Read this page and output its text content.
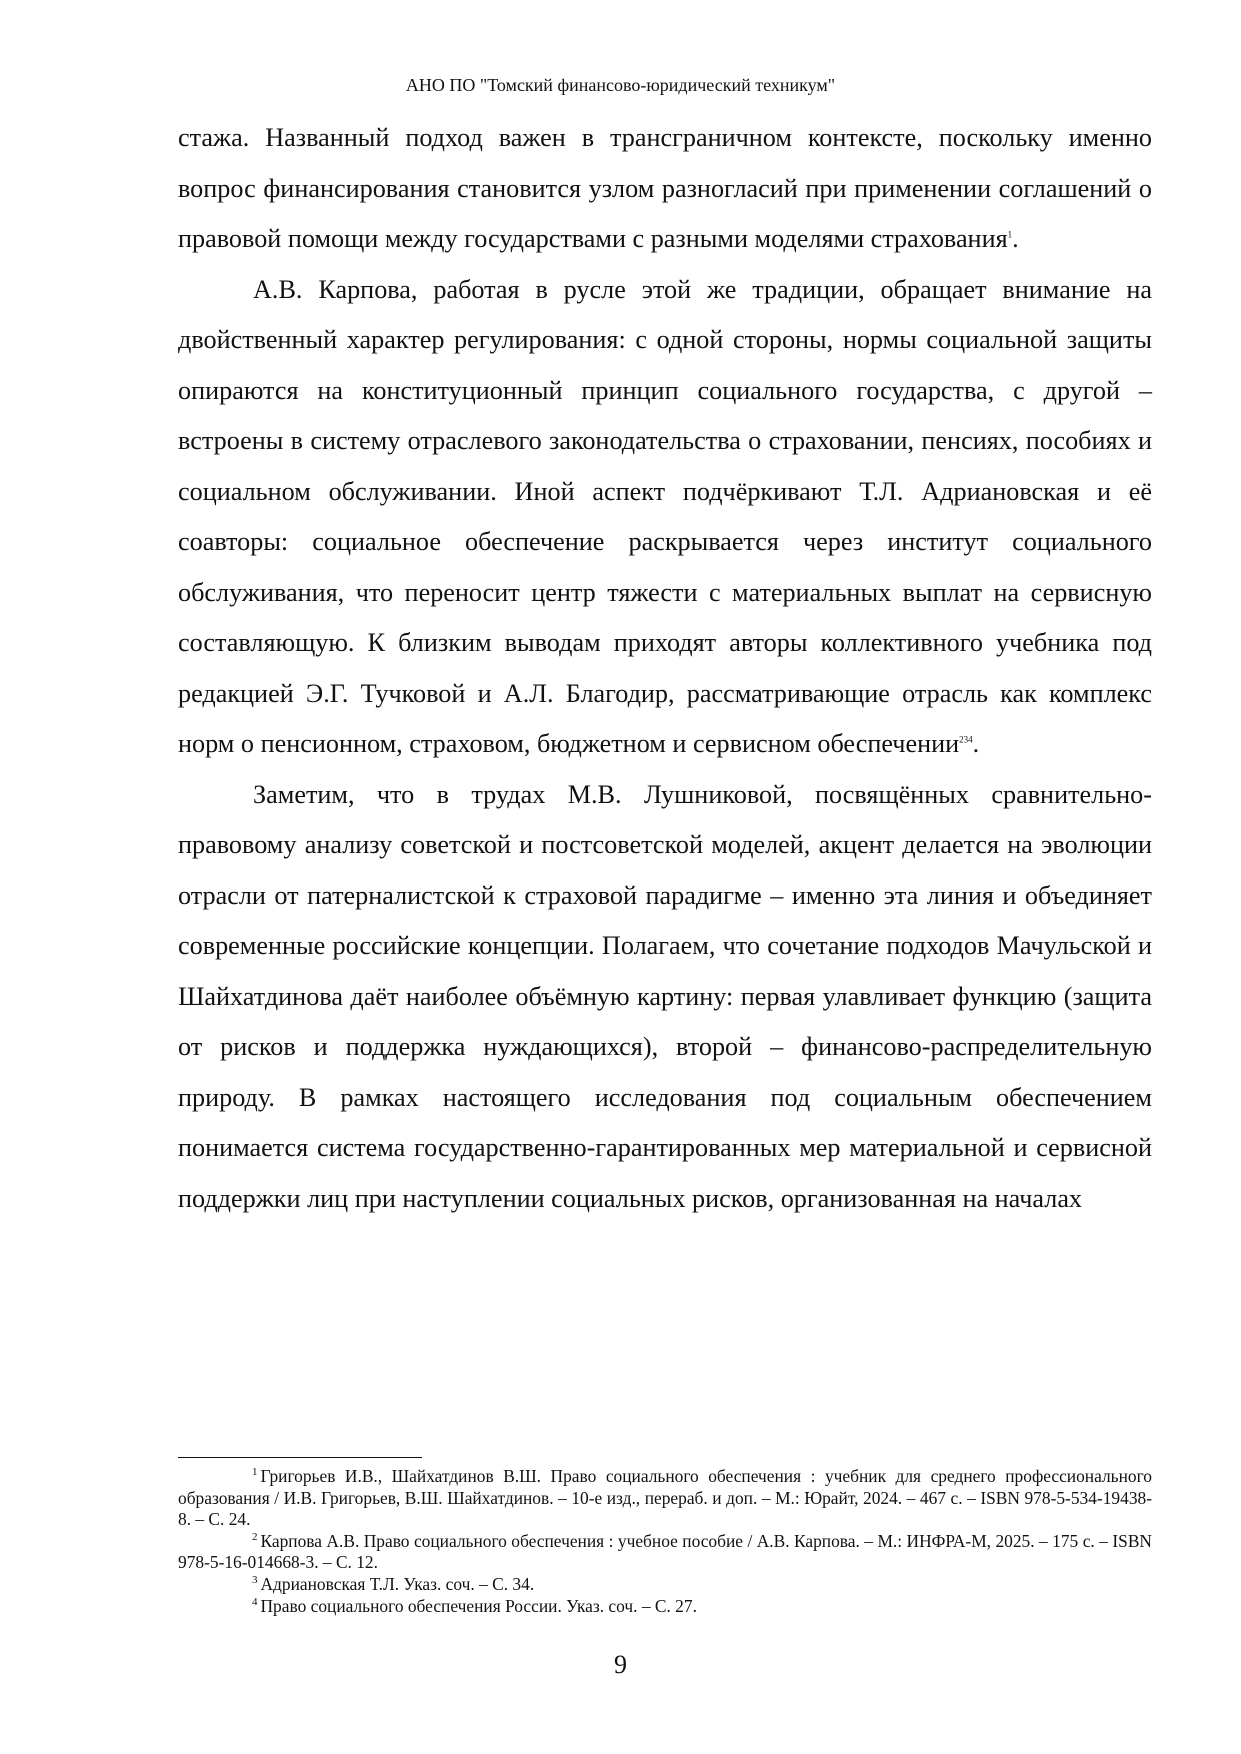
АНО ПО "Томский финансово-юридический техникум"

стажа. Названный подход важен в трансграничном контексте, поскольку именно вопрос финансирования становится узлом разногласий при применении соглашений о правовой помощи между государствами с разными моделями страхования$^1$.

А.В. Карпова, работая в русле этой же традиции, обращает внимание на двойственный характер регулирования: с одной стороны, нормы социальной защиты опираются на конституционный принцип социального государства, с другой – встроены в систему отраслевого законодательства о страховании, пенсиях, пособиях и социальном обслуживании. Иной аспект подчёркивают Т.Л. Адриановская и её соавторы: социальное обеспечение раскрывается через институт социального обслуживания, что переносит центр тяжести с материальных выплат на сервисную составляющую. К близким выводам приходят авторы коллективного учебника под редакцией Э.Г. Тучковой и А.Л. Благодир, рассматривающие отрасль как комплекс норм о пенсионном, страховом, бюджетном и сервисном обеспечении$^{234}$.

Заметим, что в трудах М.В. Лушниковой, посвящённых сравнительно-правовому анализу советской и постсоветской моделей, акцент делается на эволюции отрасли от патерналистской к страховой парадигме – именно эта линия и объединяет современные российские концепции. Полагаем, что сочетание подходов Мачульской и Шайхатдинова даёт наиболее объёмную картину: первая улавливает функцию (защита от рисков и поддержка нуждающихся), второй – финансово-распределительную природу. В рамках настоящего исследования под социальным обеспечением понимается система государственно-гарантированных мер материальной и сервисной поддержки лиц при наступлении социальных рисков, организованная на началах

$^1$ Григорьев И.В., Шайхатдинов В.Ш. Право социального обеспечения : учебник для среднего профессионального образования / И.В. Григорьев, В.Ш. Шайхатдинов. – 10-е изд., перераб. и доп. – М.: Юрайт, 2024. – 467 с. – ISBN 978-5-534-19438-8. – С. 24.

$^2$ Карпова А.В. Право социального обеспечения : учебное пособие / А.В. Карпова. – М.: ИНФРА-М, 2025. – 175 с. – ISBN 978-5-16-014668-3. – С. 12.

$^3$ Адриановская Т.Л. Указ. соч. – С. 34.

$^4$ Право социального обеспечения России. Указ. соч. – С. 27.

9
